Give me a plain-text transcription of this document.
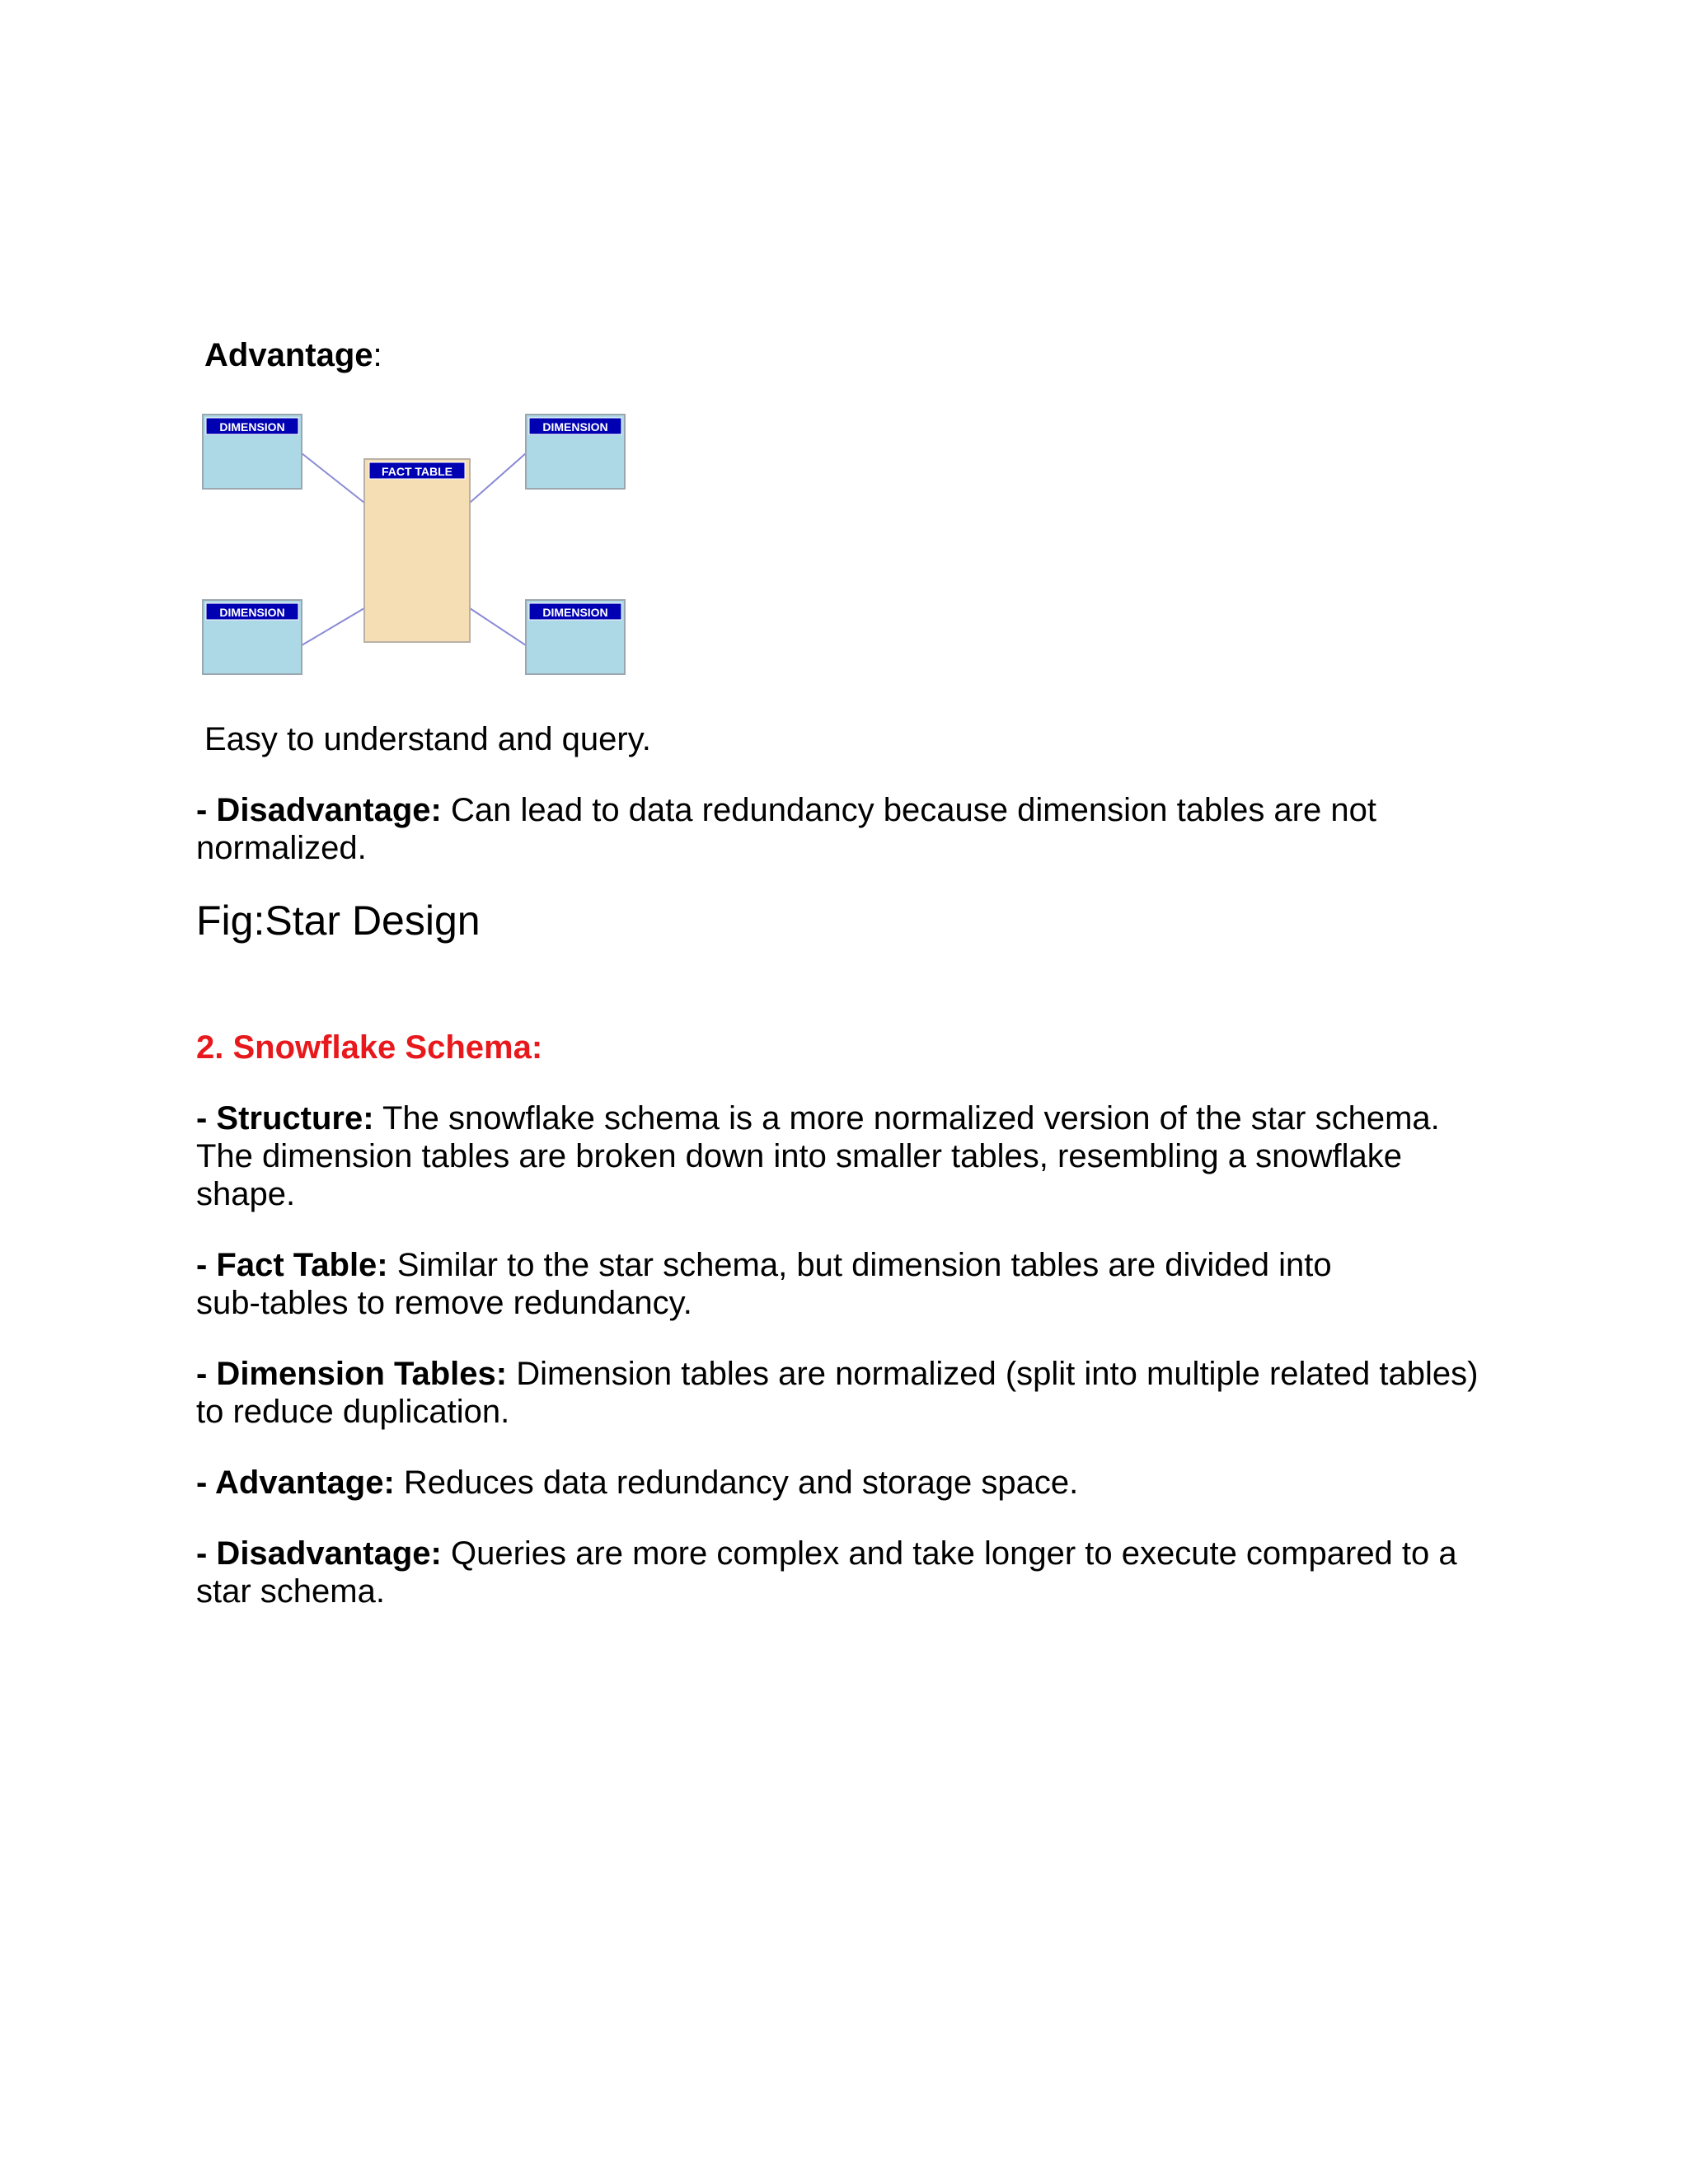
Advantage:
DIMENSION	DIMENSION
FACT TABLE
DIMENSION	DIMENSION
Easy to understand and query.
- Disadvantage: Can lead to data redundancy because dimension tables are not
normalized.
Fig:Star Design
2. Snowflake Schema:
- Structure: The snowflake schema is a more normalized version of the star schema.
The dimension tables are broken down into smaller tables, resembling a snowflake
shape.
- Fact Table: Similar to the star schema, but dimension tables are divided into
sub-tables to remove redundancy.
- Dimension Tables: Dimension tables are normalized (split into multiple related tables)
to reduce duplication.
- Advantage: Reduces data redundancy and storage space.
- Disadvantage: Queries are more complex and take longer to execute compared to a
star schema.
